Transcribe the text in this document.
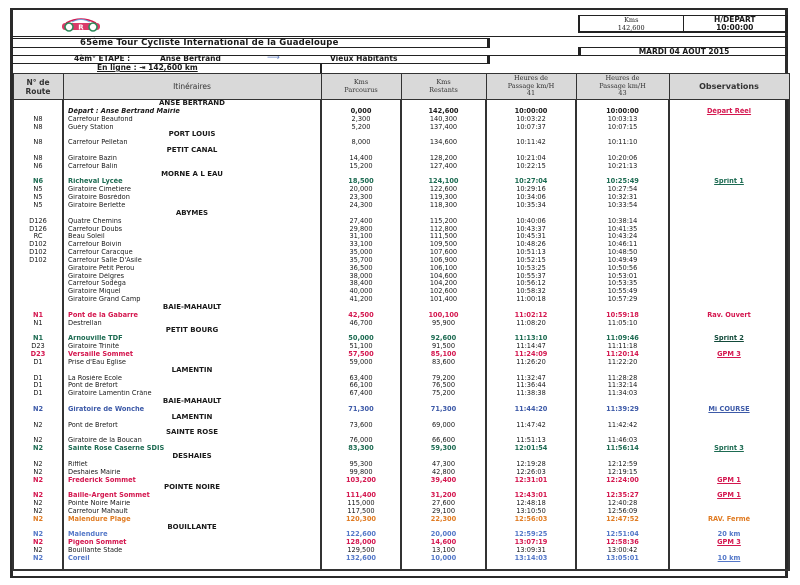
R
Kms
142,600
H/DEPART
10:00:00
65ème Tour Cycliste International de la Guadeloupe
MARDI 04 AOUT 2015
4èm° ETAPE :	Anse Bertrand	⟶	Vieux Habitants
En ligne : ⇥ 142,600 km
N° de
Route	Itinéraires	Kms
Parcourus	Kms
Restants	Heures de
Passage km/H
41	Heures de
Passage km/H
43	Observations
	ANSE BERTRAND					
	Départ : Anse Bertrand Mairie	0,000	142,600	10:00:00	10:00:00	Départ Réel
N8	Carrefour Beaufond	2,300	140,300	10:03:22	10:03:13	
N8	Guéry Station	5,200	137,400	10:07:37	10:07:15	
	PORT LOUIS					
N8	Carrefour Pelletan	8,000	134,600	10:11:42	10:11:10	
	PETIT CANAL					
N8	Giratoire Bazin	14,400	128,200	10:21:04	10:20:06	
N6	Carrefour Balin	15,200	127,400	10:22:15	10:21:13	
	MORNE A L EAU					
N6	Richeval Lycée	18,500	124,100	10:27:04	10:25:49	Sprint 1
N5	Giratoire Cimetiere	20,000	122,600	10:29:16	10:27:54	
N5	Giratoire Bosrédon	23,300	119,300	10:34:06	10:32:31	
N5	Giratoire Berlette	24,300	118,300	10:35:34	10:33:54	
	ABYMES					
D126	Quatre Chemins	27,400	115,200	10:40:06	10:38:14	
D126	Carrefour Doubs	29,800	112,800	10:43:37	10:41:35	
RC	Beau Soleil	31,100	111,500	10:45:31	10:43:24	
D102	Carrefour Boivin	33,100	109,500	10:48:26	10:46:11	
D102	Carrefour Caracque	35,000	107,600	10:51:13	10:48:50	
D102	Carrefour Salle D'Asile	35,700	106,900	10:52:15	10:49:49	
	Giratoire Petit Perou	36,500	106,100	10:53:25	10:50:56	
	Giratoire Dèlgres	38,000	104,600	10:55:37	10:53:01	
	Carrefour Sodèga	38,400	104,200	10:56:12	10:53:35	
	Giratoire Miquel	40,000	102,600	10:58:32	10:55:49	
	Giratoire Grand Camp	41,200	101,400	11:00:18	10:57:29	
	BAIE-MAHAULT					
N1	Pont de la Gabarre	42,500	100,100	11:02:12	10:59:18	Rav. Ouvert
N1	Destrellan	46,700	95,900	11:08:20	11:05:10	
	PETIT BOURG					
N1	Arnouville TDF	50,000	92,600	11:13:10	11:09:46	Sprint 2
D23	Giratoire Trinité	51,100	91,500	11:14:47	11:11:18	
D23	Versaille Sommet	57,500	85,100	11:24:09	11:20:14	GPM 3
D1	Prise d'Eau Eglise	59,000	83,600	11:26:20	11:22:20	
	LAMENTIN					
D1	La Rosière Ecole	63,400	79,200	11:32:47	11:28:28	
D1	Pont de Bréfort	66,100	76,500	11:36:44	11:32:14	
D1	Giratoire Lamentin Crâne	67,400	75,200	11:38:38	11:34:03	
	BAIE-MAHAULT					
N2	Giratoire de Wonche	71,300	71,300	11:44:20	11:39:29	Mi COURSE
	LAMENTIN					
N2	Pont de Brefort	73,600	69,000	11:47:42	11:42:42	
	SAINTE ROSE					
N2	Giratoire de la Boucan	76,000	66,600	11:51:13	11:46:03	
N2	Sainte Rose Caserne SDIS	83,300	59,300	12:01:54	11:56:14	Sprint 3
	DESHAIES					
N2	Rifflet	95,300	47,300	12:19:28	12:12:59	
N2	Deshaies Mairie	99,800	42,800	12:26:03	12:19:15	
N2	Frederick Sommet	103,200	39,400	12:31:01	12:24:00	GPM 1
	POINTE NOIRE					
N2	Baille-Argent Sommet	111,400	31,200	12:43:01	12:35:27	GPM 1
N2	Pointe Noire Mairie	115,000	27,600	12:48:18	12:40:28	
N2	Carrefour Mahault	117,500	29,100	13:10:50	12:56:09	
N2	Malendure Plage	120,300	22,300	12:56:03	12:47:52	RAV. Fermé
	BOUILLANTE					
N2	Malendure	122,600	20,000	12:59:25	12:51:04	20 km
N2	Pigeon Sommet	128,000	14,600	13:07:19	12:58:36	GPM 3
N2	Bouillante Stade	129,500	13,100	13:09:31	13:00:42	
N2	Coreil	132,600	10,000	13:14:03	13:05:01	10 km
